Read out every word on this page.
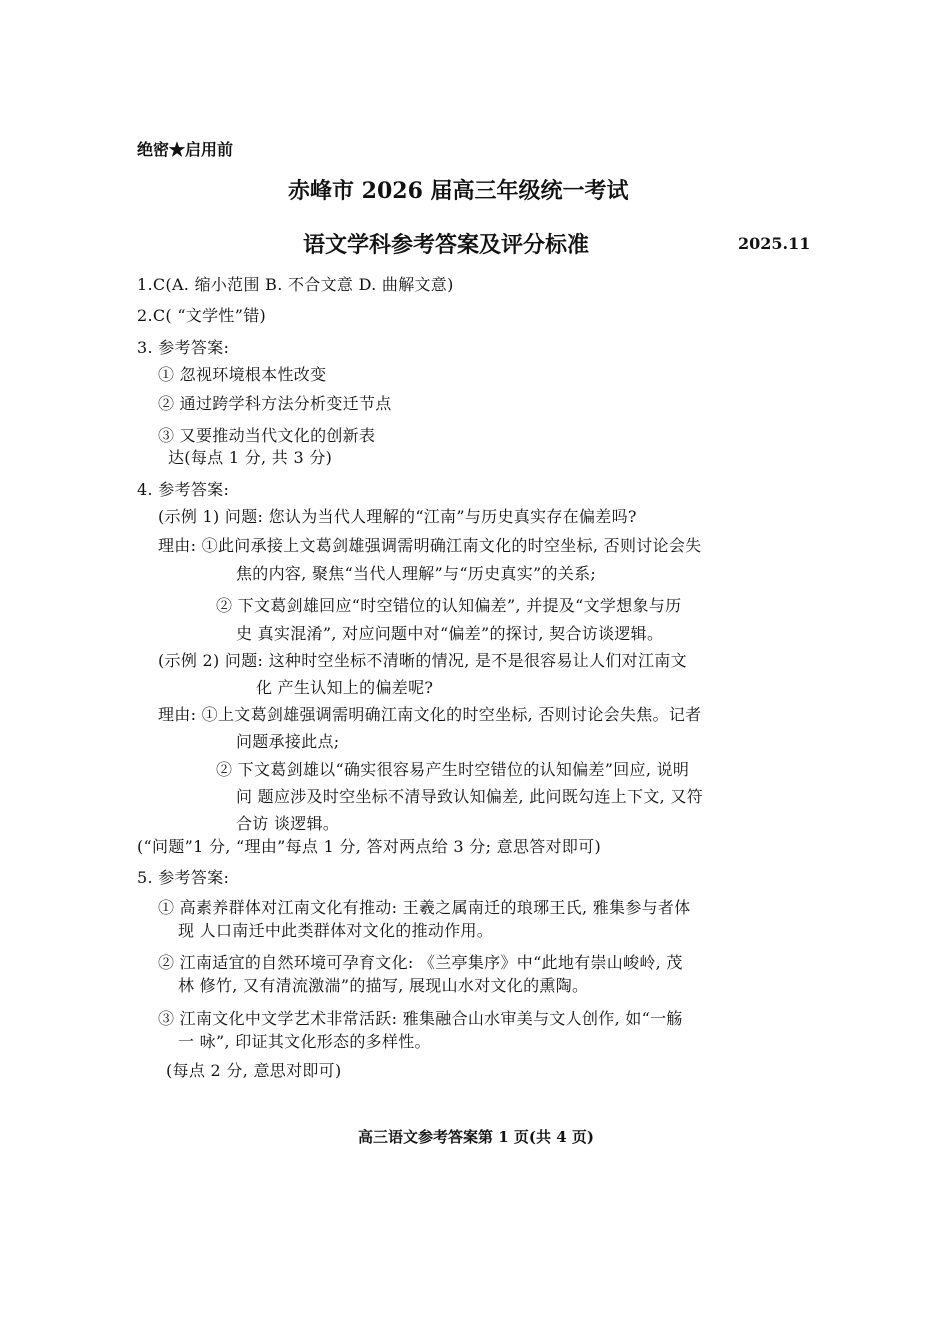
绝密★启用前
赤峰市 2026 届高三年级统一考试
语文学科参考答案及评分标准	2025.11
1.C(A. 缩小范围 B. 不合文意 D. 曲解文意)
2.C( “文学性”错)
3. 参考答案:
① 忽视环境根本性改变
② 通过跨学科方法分析变迁节点
③ 又要推动当代文化的创新表
达(每点 1 分, 共 3 分)
4. 参考答案:
(示例 1) 问题: 您认为当代人理解的“江南”与历史真实存在偏差吗?
理由: ①此问承接上文葛剑雄强调需明确江南文化的时空坐标, 否则讨论会失
焦的内容, 聚焦“当代人理解”与“历史真实”的关系;
② 下文葛剑雄回应“时空错位的认知偏差”, 并提及“文学想象与历
史 真实混淆”, 对应问题中对“偏差”的探讨, 契合访谈逻辑。
(示例 2) 问题: 这种时空坐标不清晰的情况, 是不是很容易让人们对江南文
化 产生认知上的偏差呢?
理由: ①上文葛剑雄强调需明确江南文化的时空坐标, 否则讨论会失焦。记者
问题承接此点;
② 下文葛剑雄以“确实很容易产生时空错位的认知偏差”回应, 说明
问 题应涉及时空坐标不清导致认知偏差, 此问既勾连上下文, 又符
合访 谈逻辑。
(“问题”1 分, “理由”每点 1 分, 答对两点给 3 分; 意思答对即可)
5. 参考答案:
① 高素养群体对江南文化有推动: 王羲之属南迁的琅琊王氏, 雅集参与者体
现 人口南迁中此类群体对文化的推动作用。
② 江南适宜的自然环境可孕育文化: 《兰亭集序》中“此地有崇山峻岭, 茂
林 修竹, 又有清流激湍”的描写, 展现山水对文化的熏陶。
③ 江南文化中文学艺术非常活跃: 雅集融合山水审美与文人创作, 如“一觞
一 咏”, 印证其文化形态的多样性。
(每点 2 分, 意思对即可)
高三语文参考答案第 1 页(共 4 页)
